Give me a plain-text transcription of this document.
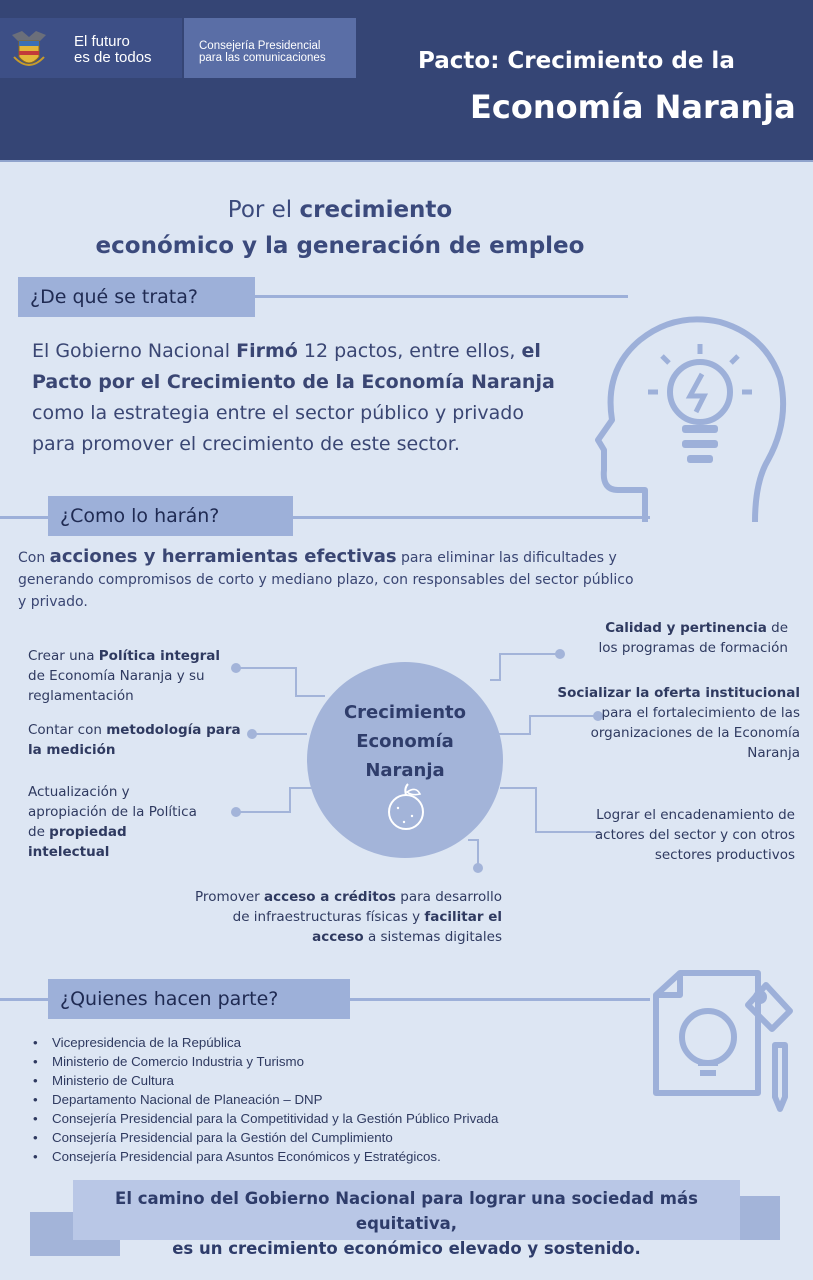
El futuro
es de todos
Consejería Presidencial
para las comunicaciones	Pacto: Crecimiento de la
Economía Naranja
Por el crecimiento
económico y la generación de empleo
¿De qué se trata?
El Gobierno Nacional Firmó 12 pactos, entre ellos, el Pacto por el Crecimiento de la Economía Naranja como la estrategia entre el sector público y privado para promover el crecimiento de este sector.
¿Como lo harán?
Con acciones y herramientas efectivas para eliminar las dificultades y generando compromisos de corto y mediano plazo, con responsables del sector público y privado.
Crecimiento
Economía
Naranja
Crear una Política integral de Economía Naranja y su reglamentación
Contar con metodología para la medición
Actualización y apropiación de la Política de propiedad intelectual
Calidad y pertinencia de los programas de formación
Socializar la oferta institucional para el fortalecimiento de las organizaciones de la Economía Naranja
Lograr el encadenamiento de actores del sector y con otros sectores productivos
Promover acceso a créditos para desarrollo de infraestructuras físicas y facilitar el acceso a sistemas digitales
¿Quienes hacen parte?
• Vicepresidencia de la República
• Ministerio de Comercio Industria y Turismo
• Ministerio de Cultura
• Departamento Nacional de Planeación – DNP
• Consejería Presidencial para la Competitividad y la Gestión Público Privada
• Consejería Presidencial para la Gestión del Cumplimiento
• Consejería Presidencial para Asuntos Económicos y Estratégicos.
El camino del Gobierno Nacional para lograr una sociedad más equitativa,
es un crecimiento económico elevado y sostenido.
